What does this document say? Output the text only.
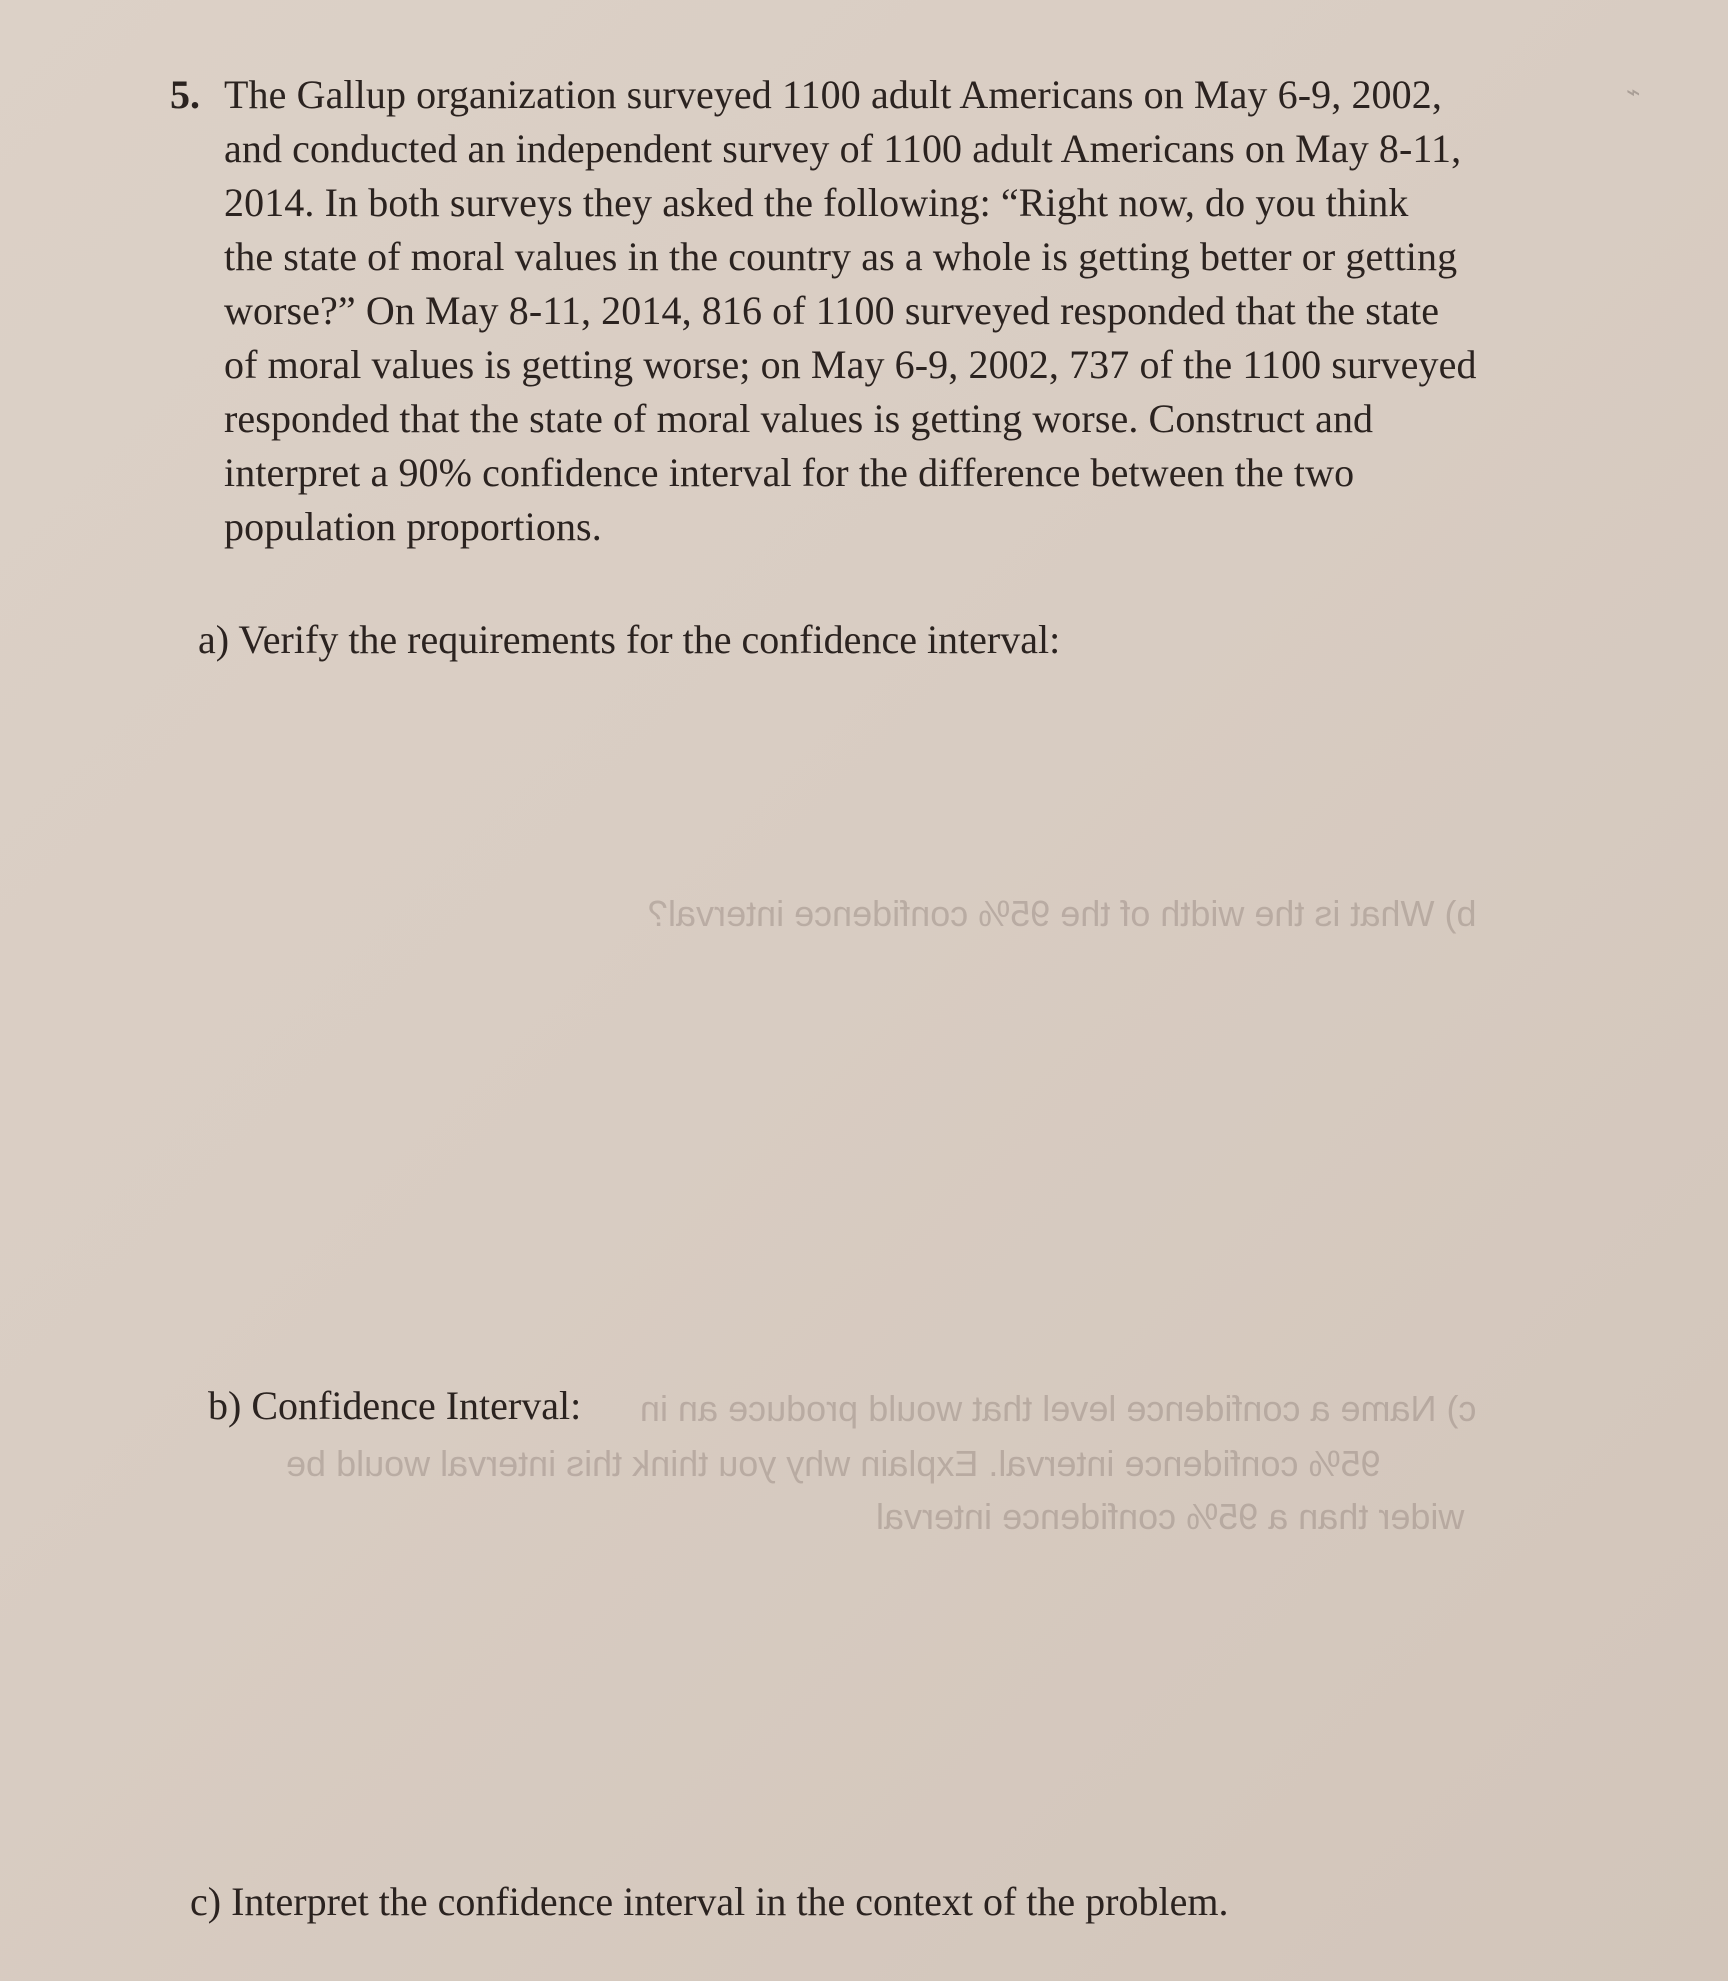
⌁
5. The Gallup organization surveyed 1100 adult Americans on May 6-9, 2002,
and conducted an independent survey of 1100 adult Americans on May 8-11,
2014. In both surveys they asked the following: “Right now, do you think
the state of moral values in the country as a whole is getting better or getting
worse?” On May 8-11, 2014, 816 of 1100 surveyed responded that the state
of moral values is getting worse; on May 6-9, 2002, 737 of the 1100 surveyed
responded that the state of moral values is getting worse. Construct and
interpret a 90% confidence interval for the difference between the two
population proportions.
a) Verify the requirements for the confidence interval:
b) What is the width of the 95% confidence interval?
b) Confidence Interval: c) Name a confidence level that would produce an in
95% confidence interval. Explain why you think this interval would be
wider than a 95% confidence interval
c) Interpret the confidence interval in the context of the problem.
